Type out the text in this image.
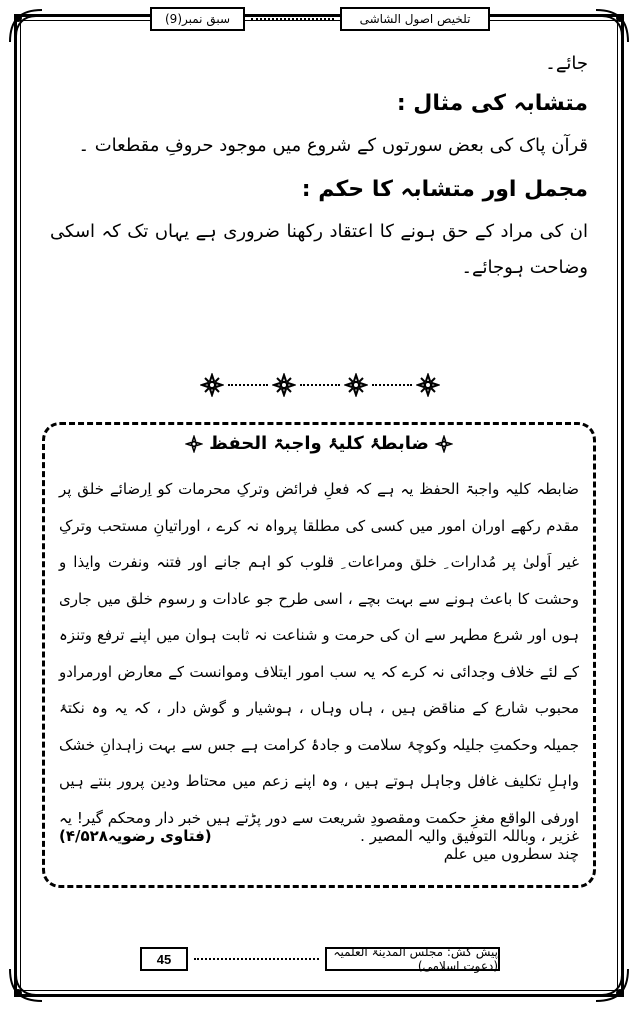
تلخیص اصول الشاشی
سبق نمبر(9)
جائے۔
متشابہ کی مثال :
قرآن پاک کی بعض سورتوں کے شروع میں موجود حروفِ مقطعات ۔
مجمل اور متشابہ کا حکم :
ان کی مراد کے حق ہونے کا اعتقاد رکھنا ضروری ہے یہاں تک کہ اسکی وضاحت ہوجائے۔
ضابطۂ کلیۂ واجبۃ الحفظ
ضابطہ کلیہ واجبۃ الحفظ یہ ہے کہ فعلِ فرائض وترکِ محرمات کو اِرضائے خلق پر مقدم رکھے اوران امور میں کسی کی مطلقا پرواہ نہ کرے ، اوراتیانِ مستحب وترکِ غیر اَولیٰ پر مُدارات ِ خلق ومراعات ِ قلوب کو اہم جانے اور فتنہ ونفرت وایذا و وحشت کا باعث ہونے سے بہت بچے ، اسی طرح جو عادات و رسوم خلق میں جاری ہوں اور شرع مطہر سے ان کی حرمت و شناعت نہ ثابت ہوان میں اپنے ترفع وتنزہ کے لئے خلاف وجدائی نہ کرے کہ یہ سب امور ایتلاف وموانست کے معارض اورمرادو محبوب شارع کے مناقض ہیں ، ہاں وہاں ، ہوشیار و گوش دار ، کہ یہ وہ نکتۂ جمیلہ وحکمتِ جلیلہ وکوچۂ سلامت و جادۂ کرامت ہے جس سے بہت زاہدانِ خشک واہلِ تکلیف غافل وجاہل ہوتے ہیں ، وہ اپنے زعم میں محتاط ودین پرور بنتے ہیں اورفی الواقع مغزِ حکمت ومقصودِ شریعت سے دور پڑتے ہیں خبر دار ومحکم گیر! یہ چند سطروں میں علم
غزیر ، وباللہ التوفیق والیہ المصیر .
(فتاوی رضویہ۴/۵۲۸)
پیش کش: مجلس المدینۃ العلمیہ (دعوت اسلامی)
45
